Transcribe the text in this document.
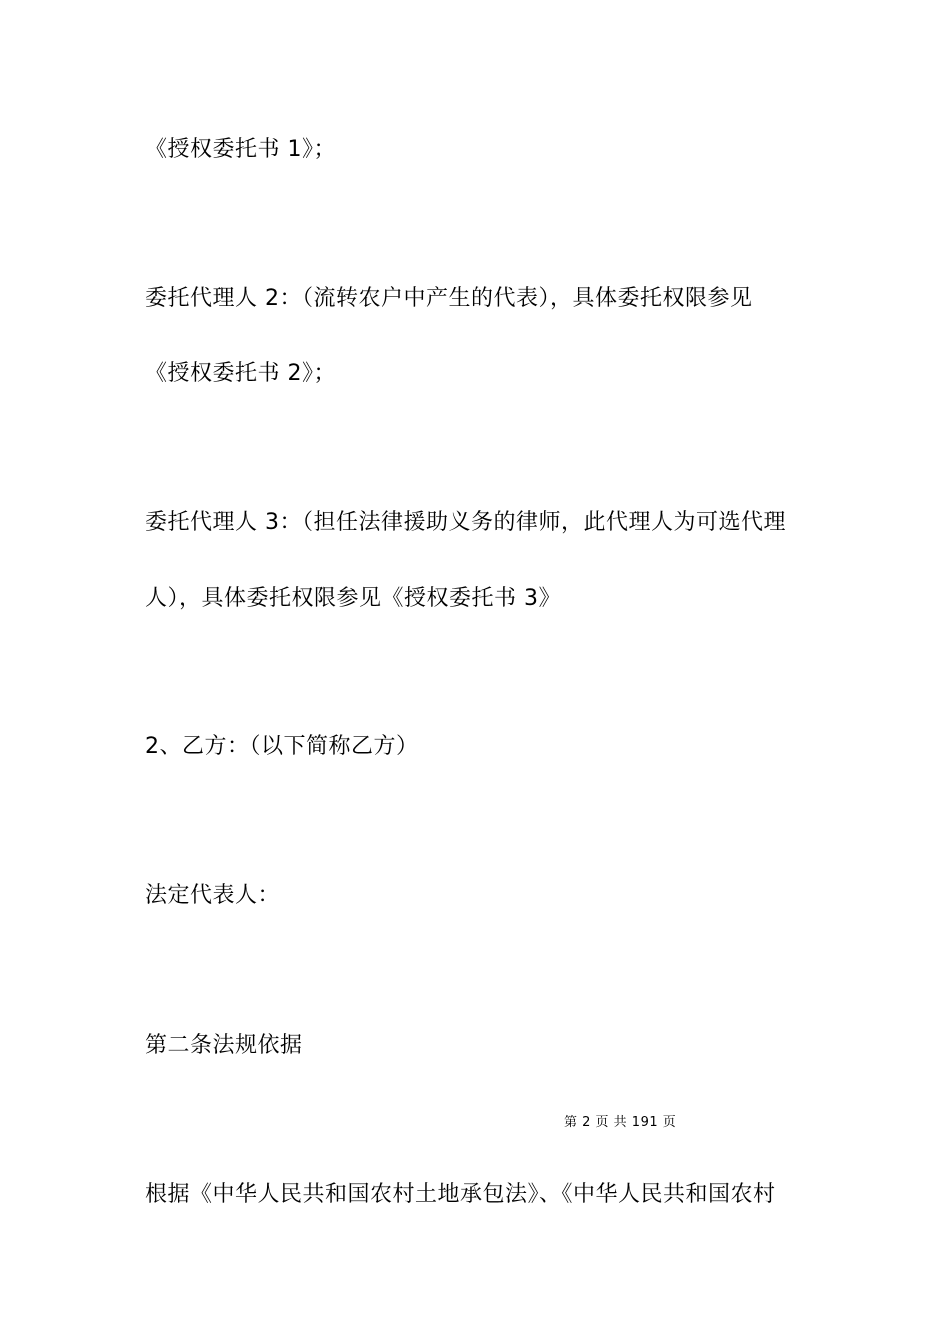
《授权委托书 1》；
委托代理人 2：（流转农户中产生的代表），具体委托权限参见
《授权委托书 2》；
委托代理人 3：（担任法律援助义务的律师，此代理人为可选代理
人），具体委托权限参见《授权委托书 3》
2、乙方：（以下简称乙方）
法定代表人：
第二条法规依据
第 2 页 共 191 页
根据《中华人民共和国农村土地承包法》、《中华人民共和国农村
